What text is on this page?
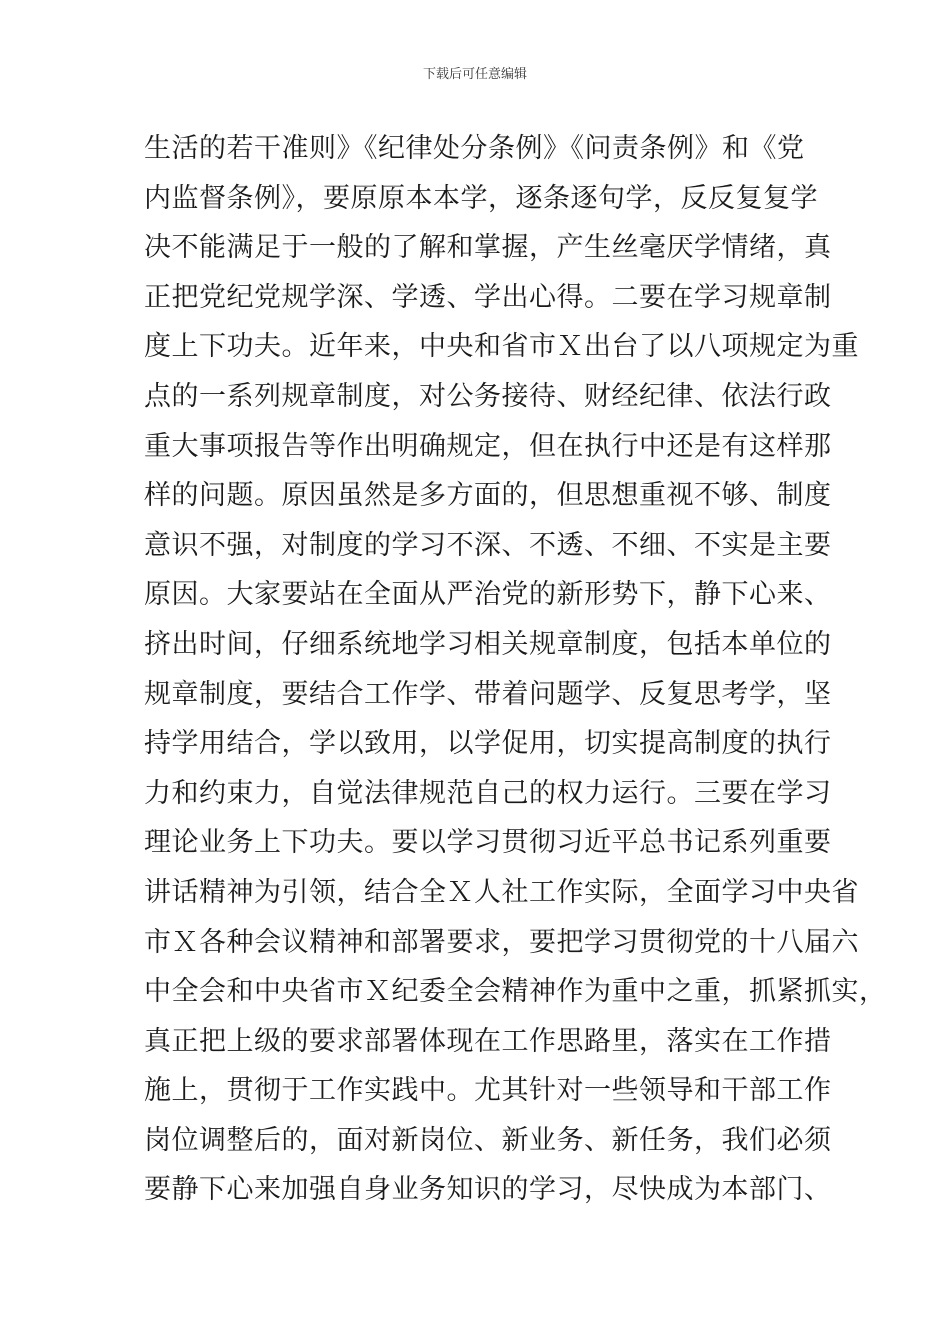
下载后可任意编辑
生活的若干准则》《纪律处分条例》《问责条例》和《党
内监督条例》，要原原本本学，逐条逐句学，反反复复学
决不能满足于一般的了解和掌握，产生丝毫厌学情绪，真
正把党纪党规学深、学透、学出心得。二要在学习规章制
度上下功夫。近年来，中央和省市Ｘ出台了以八项规定为重
点的一系列规章制度，对公务接待、财经纪律、依法行政
重大事项报告等作出明确规定，但在执行中还是有这样那
样的问题。原因虽然是多方面的，但思想重视不够、制度
意识不强，对制度的学习不深、不透、不细、不实是主要
原因。大家要站在全面从严治党的新形势下，静下心来、
挤出时间，仔细系统地学习相关规章制度，包括本单位的
规章制度，要结合工作学、带着问题学、反复思考学，坚
持学用结合，学以致用，以学促用，切实提高制度的执行
力和约束力，自觉法律规范自己的权力运行。三要在学习
理论业务上下功夫。要以学习贯彻习近平总书记系列重要
讲话精神为引领，结合全Ｘ人社工作实际，全面学习中央省
市Ｘ各种会议精神和部署要求，要把学习贯彻党的十八届六
中全会和中央省市Ｘ纪委全会精神作为重中之重，抓紧抓实，
真正把上级的要求部署体现在工作思路里，落实在工作措
施上，贯彻于工作实践中。尤其针对一些领导和干部工作
岗位调整后的，面对新岗位、新业务、新任务，我们必须
要静下心来加强自身业务知识的学习，尽快成为本部门、
